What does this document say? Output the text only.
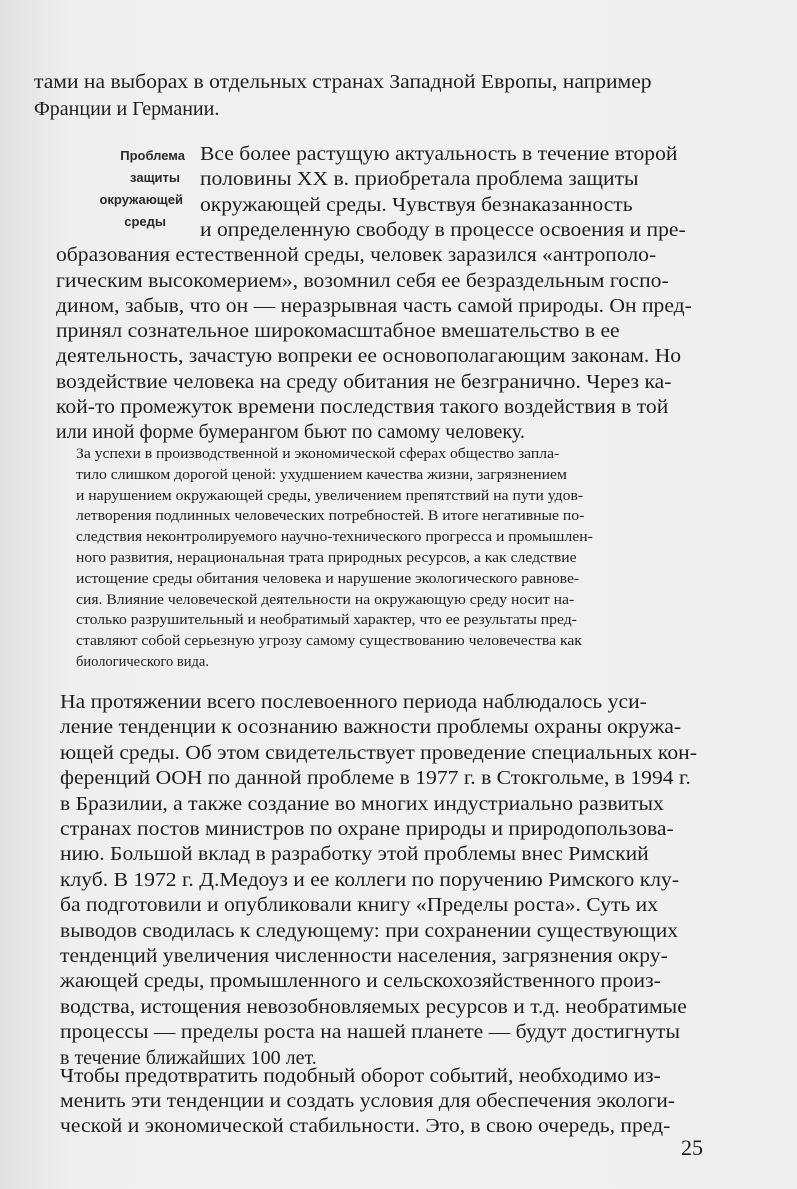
тами на выборах в отдельных странах Западной Европы, например
Франции и Германии.
Проблема
защиты
окружающей
среды
Все более растущую актуальность в течение второй
половины XX в. приобретала проблема защиты
окружающей среды. Чувствуя безнаказанность
и определенную свободу в процессе освоения и пре-
образования естественной среды, человек заразился «антрополо-
гическим высокомерием», возомнил себя ее безраздельным госпо-
дином, забыв, что он — неразрывная часть самой природы. Он пред-
принял сознательное широкомасштабное вмешательство в ее
деятельность, зачастую вопреки ее основополагающим законам. Но
воздействие человека на среду обитания не безгранично. Через ка-
кой-то промежуток времени последствия такого воздействия в той
или иной форме бумерангом бьют по самому человеку.
За успехи в производственной и экономической сферах общество запла-
тило слишком дорогой ценой: ухудшением качества жизни, загрязнением
и нарушением окружающей среды, увеличением препятствий на пути удов-
летворения подлинных человеческих потребностей. В итоге негативные по-
следствия неконтролируемого научно-технического прогресса и промышлен-
ного развития, нерациональная трата природных ресурсов, а как следствие
истощение среды обитания человека и нарушение экологического равнове-
сия. Влияние человеческой деятельности на окружающую среду носит на-
столько разрушительный и необратимый характер, что ее результаты пред-
ставляют собой серьезную угрозу самому существованию человечества как
биологического вида.
На протяжении всего послевоенного периода наблюдалось уси-
ление тенденции к осознанию важности проблемы охраны окружа-
ющей среды. Об этом свидетельствует проведение специальных кон-
ференций ООН по данной проблеме в 1977 г. в Стокгольме, в 1994 г.
в Бразилии, а также создание во многих индустриально развитых
странах постов министров по охране природы и природопользова-
нию. Большой вклад в разработку этой проблемы внес Римский
клуб. В 1972 г. Д.Медоуз и ее коллеги по поручению Римского клу-
ба подготовили и опубликовали книгу «Пределы роста». Суть их
выводов сводилась к следующему: при сохранении существующих
тенденций увеличения численности населения, загрязнения окру-
жающей среды, промышленного и сельскохозяйственного произ-
водства, истощения невозобновляемых ресурсов и т.д. необратимые
процессы — пределы роста на нашей планете — будут достигнуты
в течение ближайших 100 лет.
Чтобы предотвратить подобный оборот событий, необходимо из-
менить эти тенденции и создать условия для обеспечения экологи-
ческой и экономической стабильности. Это, в свою очередь, пред-
25
